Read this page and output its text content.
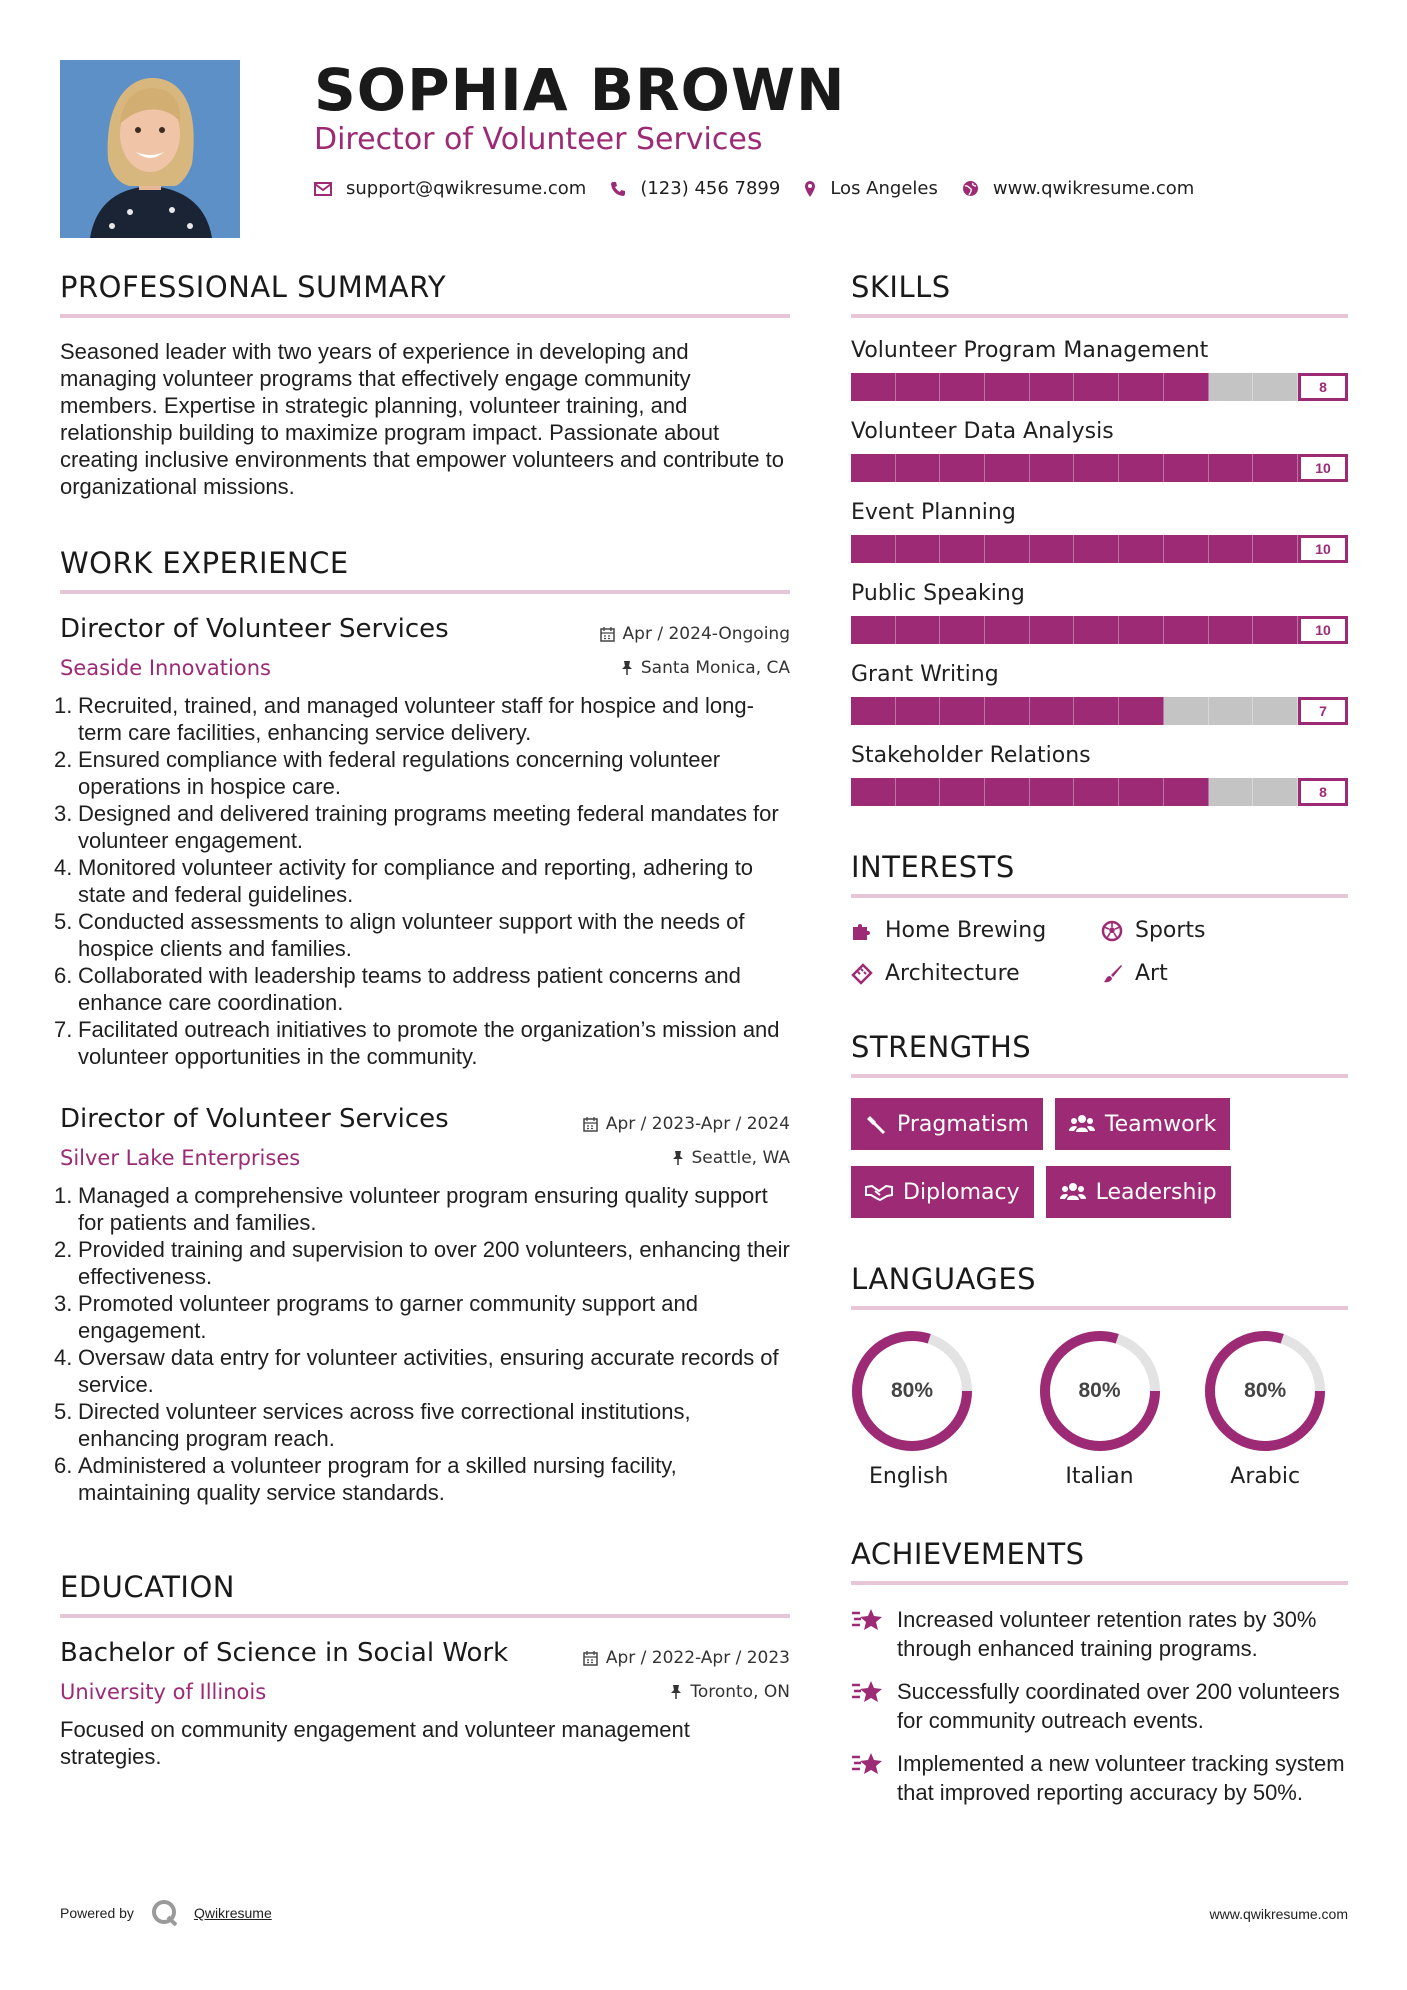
SOPHIA BROWN
Director of Volunteer Services
support@qwikresume.com	(123) 456 7899	Los Angeles	www.qwikresume.com
PROFESSIONAL SUMMARY

Seasoned leader with two years of experience in developing and managing volunteer programs that effectively engage community members. Expertise in strategic planning, volunteer training, and relationship building to maximize program impact. Passionate about creating inclusive environments that empower volunteers and contribute to organizational missions.

WORK EXPERIENCE
Director of Volunteer Services	Apr / 2024-Ongoing
Seaside Innovations	Santa Monica, CA
1. Recruited, trained, and managed volunteer staff for hospice and long-term care facilities, enhancing service delivery.
2. Ensured compliance with federal regulations concerning volunteer operations in hospice care.
3. Designed and delivered training programs meeting federal mandates for volunteer engagement.
4. Monitored volunteer activity for compliance and reporting, adhering to state and federal guidelines.
5. Conducted assessments to align volunteer support with the needs of hospice clients and families.
6. Collaborated with leadership teams to address patient concerns and enhance care coordination.
7. Facilitated outreach initiatives to promote the organization’s mission and volunteer opportunities in the community.
Director of Volunteer Services	Apr / 2023-Apr / 2024
Silver Lake Enterprises	Seattle, WA
1. Managed a comprehensive volunteer program ensuring quality support for patients and families.
2. Provided training and supervision to over 200 volunteers, enhancing their effectiveness.
3. Promoted volunteer programs to garner community support and engagement.
4. Oversaw data entry for volunteer activities, ensuring accurate records of service.
5. Directed volunteer services across five correctional institutions, enhancing program reach.
6. Administered a volunteer program for a skilled nursing facility, maintaining quality service standards.
EDUCATION
Bachelor of Science in Social Work	Apr / 2022-Apr / 2023
University of Illinois	Toronto, ON

Focused on community engagement and volunteer management strategies.

SKILLS
Volunteer Program Management
8
Volunteer Data Analysis
10
Event Planning
10
Public Speaking
10
Grant Writing
7
Stakeholder Relations
8
INTERESTS
Home Brewing	Sports
Architecture	Art
STRENGTHS
Pragmatism	Teamwork
Diplomacy	Leadership
LANGUAGES
80%
English
80%
Italian
80%
Arabic
ACHIEVEMENTS
Increased volunteer retention rates by 30% through enhanced training programs.
Successfully coordinated over 200 volunteers for community outreach events.
Implemented a new volunteer tracking system that improved reporting accuracy by 50%.
Powered by	Qwikresume	www.qwikresume.com
